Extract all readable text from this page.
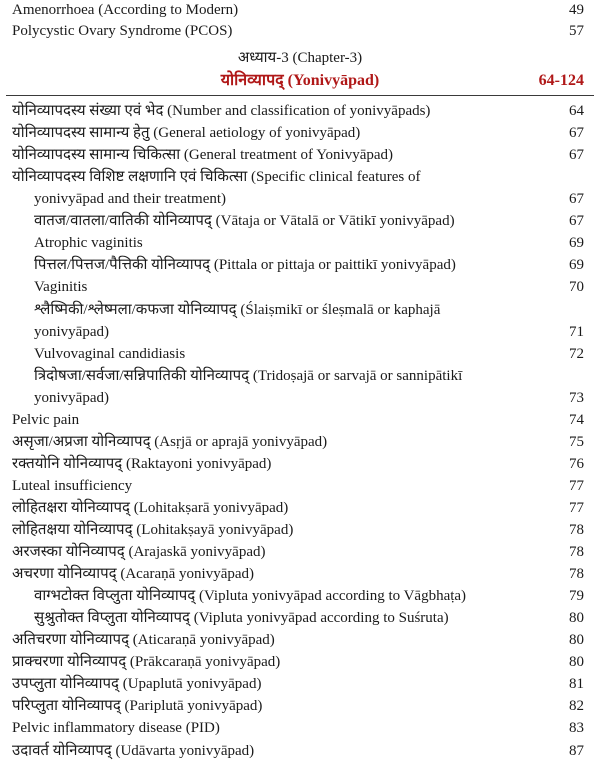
Amenorrhoea (According to Modern)	49
Polycystic Ovary Syndrome (PCOS)	57
अध्याय-3 (Chapter-3)
योनिव्यापद् (Yonivyāpad)	64-124
योनिव्यापदस्य संख्या एवं भेद (Number and classification of yonivyāpads)	64
योनिव्यापदस्य सामान्य हेतु (General aetiology of yonivyāpad)	67
योनिव्यापदस्य सामान्य चिकित्सा (General treatment of Yonivyāpad)	67
योनिव्यापदस्य विशिष्ट लक्षणानि एवं चिकित्सा (Specific clinical features of
yonivyāpad and their treatment)	67
वातज/वातला/वातिकी योनिव्यापद् (Vātaja or Vātalā or Vātikī yonivyāpad)	67
Atrophic vaginitis	69
पित्तल/पित्तज/पैत्तिकी योनिव्यापद् (Pittala or pittaja or paittikī yonivyāpad)	69
Vaginitis	70
श्लैष्मिकी/श्लेष्मला/कफजा योनिव्यापद् (Ślaiṣmikī or śleṣmalā or kaphajā
yonivyāpad)	71
Vulvovaginal candidiasis	72
त्रिदोषजा/सर्वजा/सन्निपातिकी योनिव्यापद् (Tridoṣajā or sarvajā or sannipātikī
yonivyāpad)	73
Pelvic pain	74
असृजा/अप्रजा योनिव्यापद् (Asṛjā or aprajā yonivyāpad)	75
रक्तयोनि योनिव्यापद् (Raktayoni yonivyāpad)	76
Luteal insufficiency	77
लोहितक्षरा योनिव्यापद् (Lohitakṣarā yonivyāpad)	77
लोहितक्षया योनिव्यापद् (Lohitakṣayā yonivyāpad)	78
अरजस्का योनिव्यापद् (Arajaskā yonivyāpad)	78
अचरणा योनिव्यापद् (Acaraṇā yonivyāpad)	78
वाग्भटोक्त विप्लुता योनिव्यापद् (Vipluta yonivyāpad according to Vāgbhaṭa)	79
सुश्रुतोक्त विप्लुता योनिव्यापद् (Vipluta yonivyāpad according to Suśruta)	80
अतिचरणा योनिव्यापद् (Aticaraṇā yonivyāpad)	80
प्राक्चरणा योनिव्यापद् (Prākcaraṇā yonivyāpad)	80
उपप्लुता योनिव्यापद् (Upaplutā yonivyāpad)	81
परिप्लुता योनिव्यापद् (Pariplutā yonivyāpad)	82
Pelvic inflammatory disease (PID)	83
उदावर्त योनिव्यापद् (Udāvarta yonivyāpad)	87
